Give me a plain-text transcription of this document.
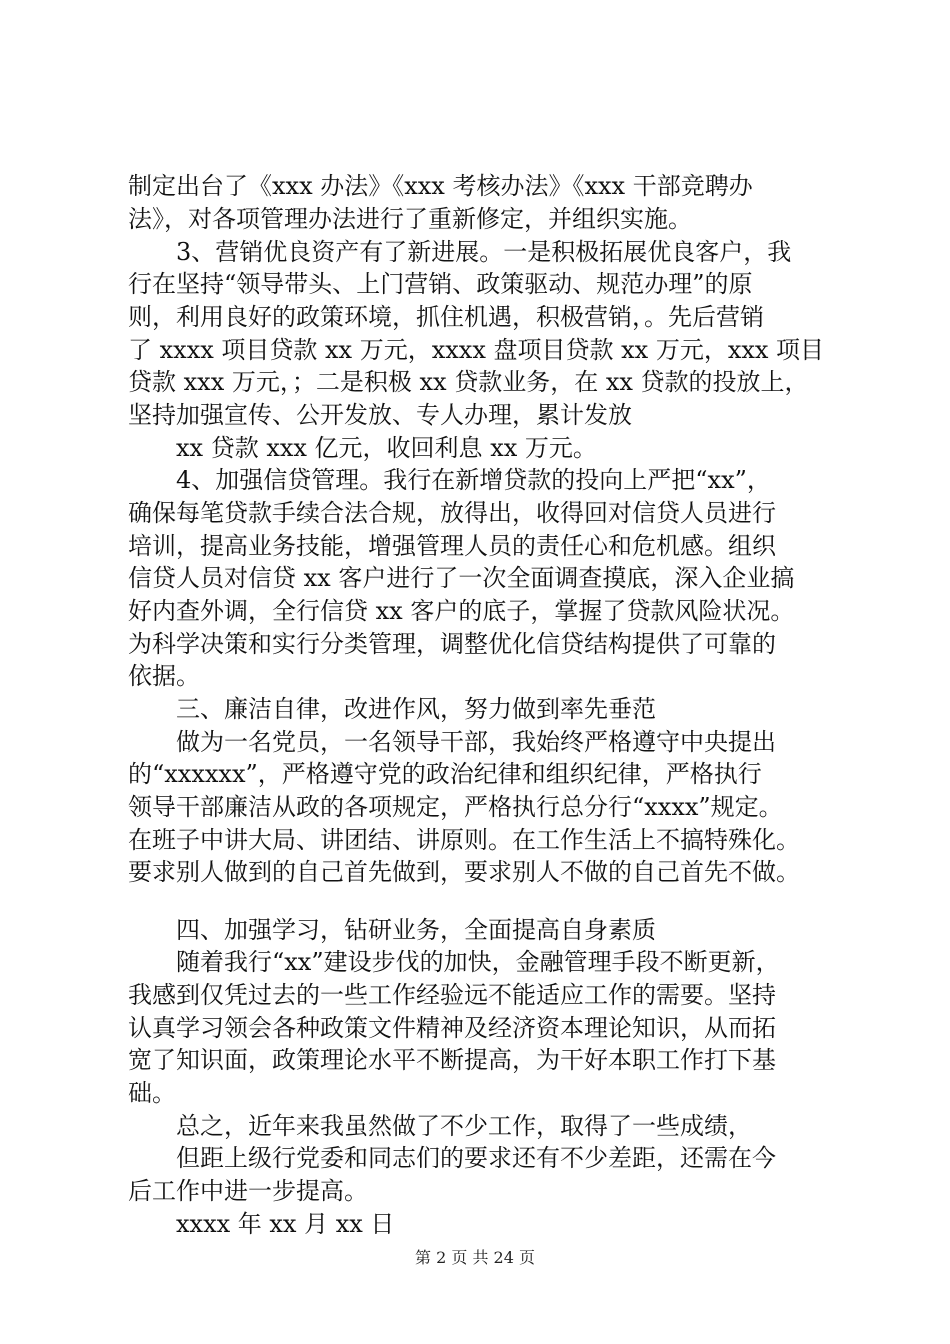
制定出台了《xxx 办法》《xxx 考核办法》《xxx 干部竞聘办
法》，对各项管理办法进行了重新修定，并组织实施。
3、营销优良资产有了新进展。一是积极拓展优良客户，我
行在坚持“领导带头、上门营销、政策驱动、规范办理”的原
则，利用良好的政策环境，抓住机遇，积极营销，。先后营销
了 xxxx 项目贷款 xx 万元，xxxx 盘项目贷款 xx 万元，xxx 项目
贷款 xxx 万元，；二是积极 xx 贷款业务，在 xx 贷款的投放上，
坚持加强宣传、公开发放、专人办理，累计发放
xx 贷款 xxx 亿元，收回利息 xx 万元。
4、加强信贷管理。我行在新增贷款的投向上严把“xx”，
确保每笔贷款手续合法合规，放得出，收得回对信贷人员进行
培训，提高业务技能，增强管理人员的责任心和危机感。组织
信贷人员对信贷 xx 客户进行了一次全面调查摸底，深入企业搞
好内查外调，全行信贷 xx 客户的底子，掌握了贷款风险状况。
为科学决策和实行分类管理，调整优化信贷结构提供了可靠的
依据。
三、廉洁自律，改进作风，努力做到率先垂范
做为一名党员，一名领导干部，我始终严格遵守中央提出
的“xxxxxx”，严格遵守党的政治纪律和组织纪律，严格执行
领导干部廉洁从政的各项规定，严格执行总分行“xxxx”规定。
在班子中讲大局、讲团结、讲原则。在工作生活上不搞特殊化。
要求别人做到的自己首先做到，要求别人不做的自己首先不做。
四、加强学习，钻研业务，全面提高自身素质
随着我行“xx”建设步伐的加快，金融管理手段不断更新，
我感到仅凭过去的一些工作经验远不能适应工作的需要。坚持
认真学习领会各种政策文件精神及经济资本理论知识，从而拓
宽了知识面，政策理论水平不断提高，为干好本职工作打下基
础。
总之，近年来我虽然做了不少工作，取得了一些成绩，
但距上级行党委和同志们的要求还有不少差距，还需在今
后工作中进一步提高。
xxxx 年 xx 月 xx 日
第 2 页 共 24 页
